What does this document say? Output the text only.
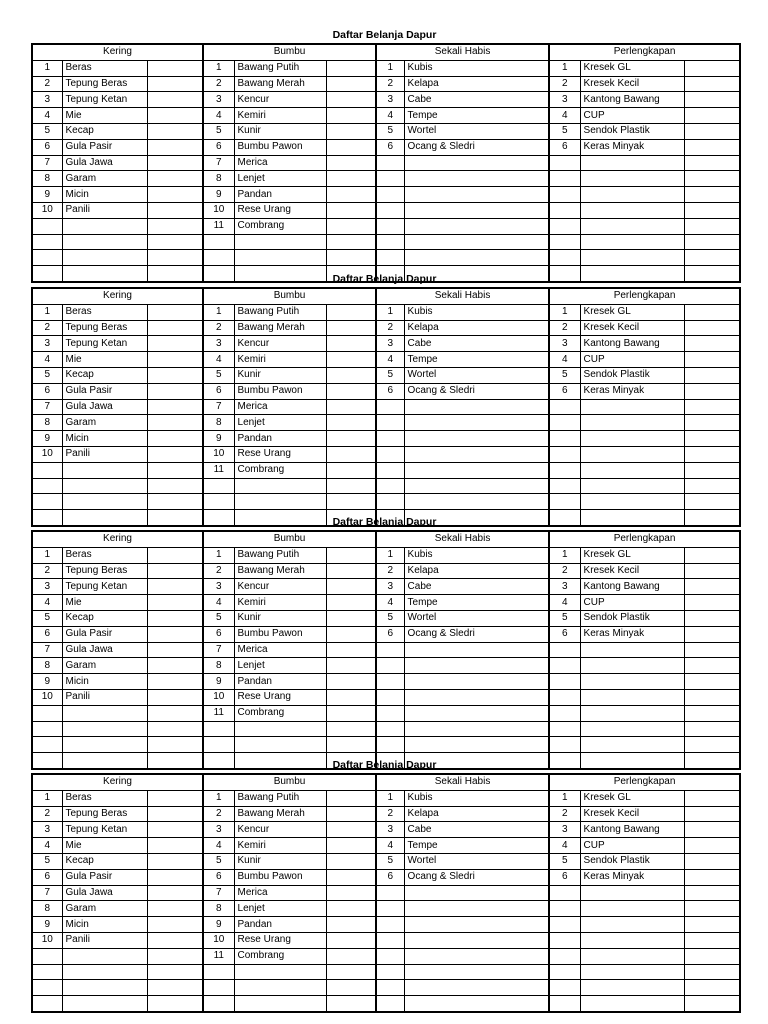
Daftar Belanja Dapur
Kering			Bumbu			Sekali Habis		Perlengkapan		
1	Beras		1	Bawang Putih		1	Kubis	1	Kresek GL	
2	Tepung Beras		2	Bawang Merah		2	Kelapa	2	Kresek Kecil	
3	Tepung Ketan		3	Kencur		3	Cabe	3	Kantong Bawang	
4	Mie		4	Kemiri		4	Tempe	4	CUP	
5	Kecap		5	Kunir		5	Wortel	5	Sendok Plastik	
6	Gula Pasir		6	Bumbu Pawon		6	Ocang & Sledri	6	Keras Minyak	
7	Gula Jawa		7	Merica						
8	Garam		8	Lenjet						
9	Micin		9	Pandan						
10	Panili		10	Rese Urang						
			11	Combrang						

Daftar Belanja Dapur
Kering			Bumbu			Sekali Habis		Perlengkapan		
1	Beras		1	Bawang Putih		1	Kubis	1	Kresek GL	
2	Tepung Beras		2	Bawang Merah		2	Kelapa	2	Kresek Kecil	
3	Tepung Ketan		3	Kencur		3	Cabe	3	Kantong Bawang	
4	Mie		4	Kemiri		4	Tempe	4	CUP	
5	Kecap		5	Kunir		5	Wortel	5	Sendok Plastik	
6	Gula Pasir		6	Bumbu Pawon		6	Ocang & Sledri	6	Keras Minyak	
7	Gula Jawa		7	Merica						
8	Garam		8	Lenjet						
9	Micin		9	Pandan						
10	Panili		10	Rese Urang						
			11	Combrang						

Daftar Belanja Dapur
Kering			Bumbu			Sekali Habis		Perlengkapan		
1	Beras		1	Bawang Putih		1	Kubis	1	Kresek GL	
2	Tepung Beras		2	Bawang Merah		2	Kelapa	2	Kresek Kecil	
3	Tepung Ketan		3	Kencur		3	Cabe	3	Kantong Bawang	
4	Mie		4	Kemiri		4	Tempe	4	CUP	
5	Kecap		5	Kunir		5	Wortel	5	Sendok Plastik	
6	Gula Pasir		6	Bumbu Pawon		6	Ocang & Sledri	6	Keras Minyak	
7	Gula Jawa		7	Merica						
8	Garam		8	Lenjet						
9	Micin		9	Pandan						
10	Panili		10	Rese Urang						
			11	Combrang						

Daftar Belanja Dapur
Kering			Bumbu			Sekali Habis		Perlengkapan		
1	Beras		1	Bawang Putih		1	Kubis	1	Kresek GL	
2	Tepung Beras		2	Bawang Merah		2	Kelapa	2	Kresek Kecil	
3	Tepung Ketan		3	Kencur		3	Cabe	3	Kantong Bawang	
4	Mie		4	Kemiri		4	Tempe	4	CUP	
5	Kecap		5	Kunir		5	Wortel	5	Sendok Plastik	
6	Gula Pasir		6	Bumbu Pawon		6	Ocang & Sledri	6	Keras Minyak	
7	Gula Jawa		7	Merica						
8	Garam		8	Lenjet						
9	Micin		9	Pandan						
10	Panili		10	Rese Urang						
			11	Combrang						
